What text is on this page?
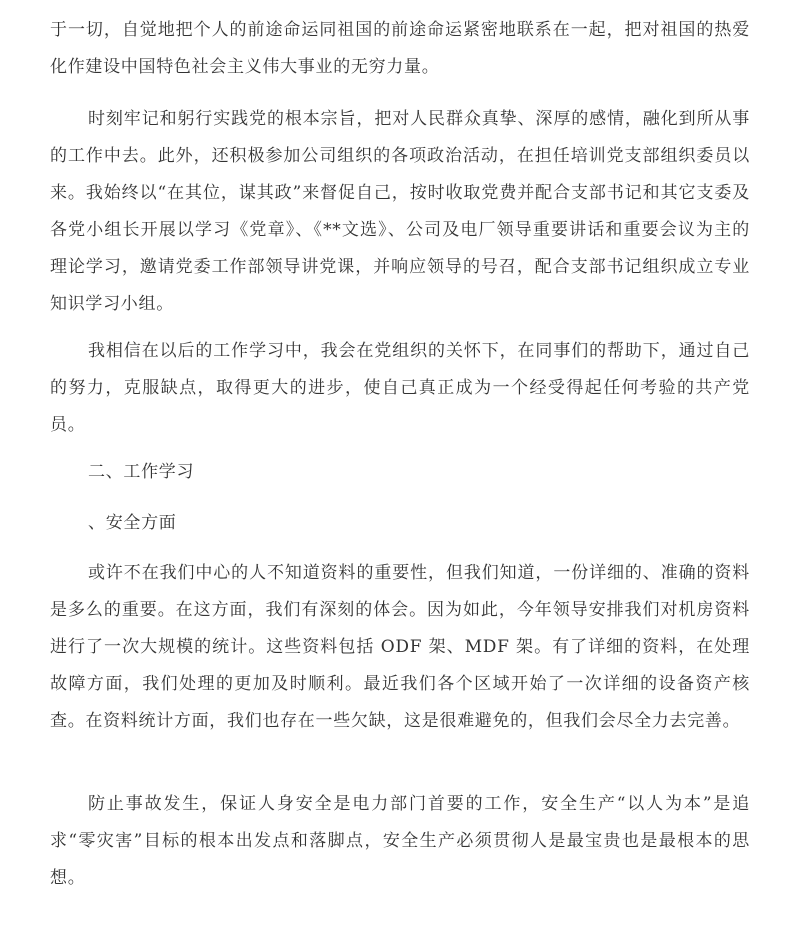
于一切，自觉地把个人的前途命运同祖国的前途命运紧密地联系在一起，把对祖国的热爱化作建设中国特色社会主义伟大事业的无穷力量。

时刻牢记和躬行实践党的根本宗旨，把对人民群众真挚、深厚的感情，融化到所从事的工作中去。此外，还积极参加公司组织的各项政治活动，在担任培训党支部组织委员以来。我始终以“在其位，谋其政”来督促自己，按时收取党费并配合支部书记和其它支委及各党小组长开展以学习《党章》、《**文选》、公司及电厂领导重要讲话和重要会议为主的理论学习，邀请党委工作部领导讲党课，并响应领导的号召，配合支部书记组织成立专业知识学习小组。

我相信在以后的工作学习中，我会在党组织的关怀下，在同事们的帮助下，通过自己的努力，克服缺点，取得更大的进步，使自己真正成为一个经受得起任何考验的共产党员。

二、工作学习

、安全方面

或许不在我们中心的人不知道资料的重要性，但我们知道，一份详细的、准确的资料是多么的重要。在这方面，我们有深刻的体会。因为如此，今年领导安排我们对机房资料进行了一次大规模的统计。这些资料包括 ODF 架、MDF 架。有了详细的资料，在处理故障方面，我们处理的更加及时顺利。最近我们各个区域开始了一次详细的设备资产核查。在资料统计方面，我们也存在一些欠缺，这是很难避免的，但我们会尽全力去完善。

防止事故发生，保证人身安全是电力部门首要的工作，安全生产“以人为本”是追求“零灾害”目标的根本出发点和落脚点，安全生产必须贯彻人是最宝贵也是最根本的思想。
